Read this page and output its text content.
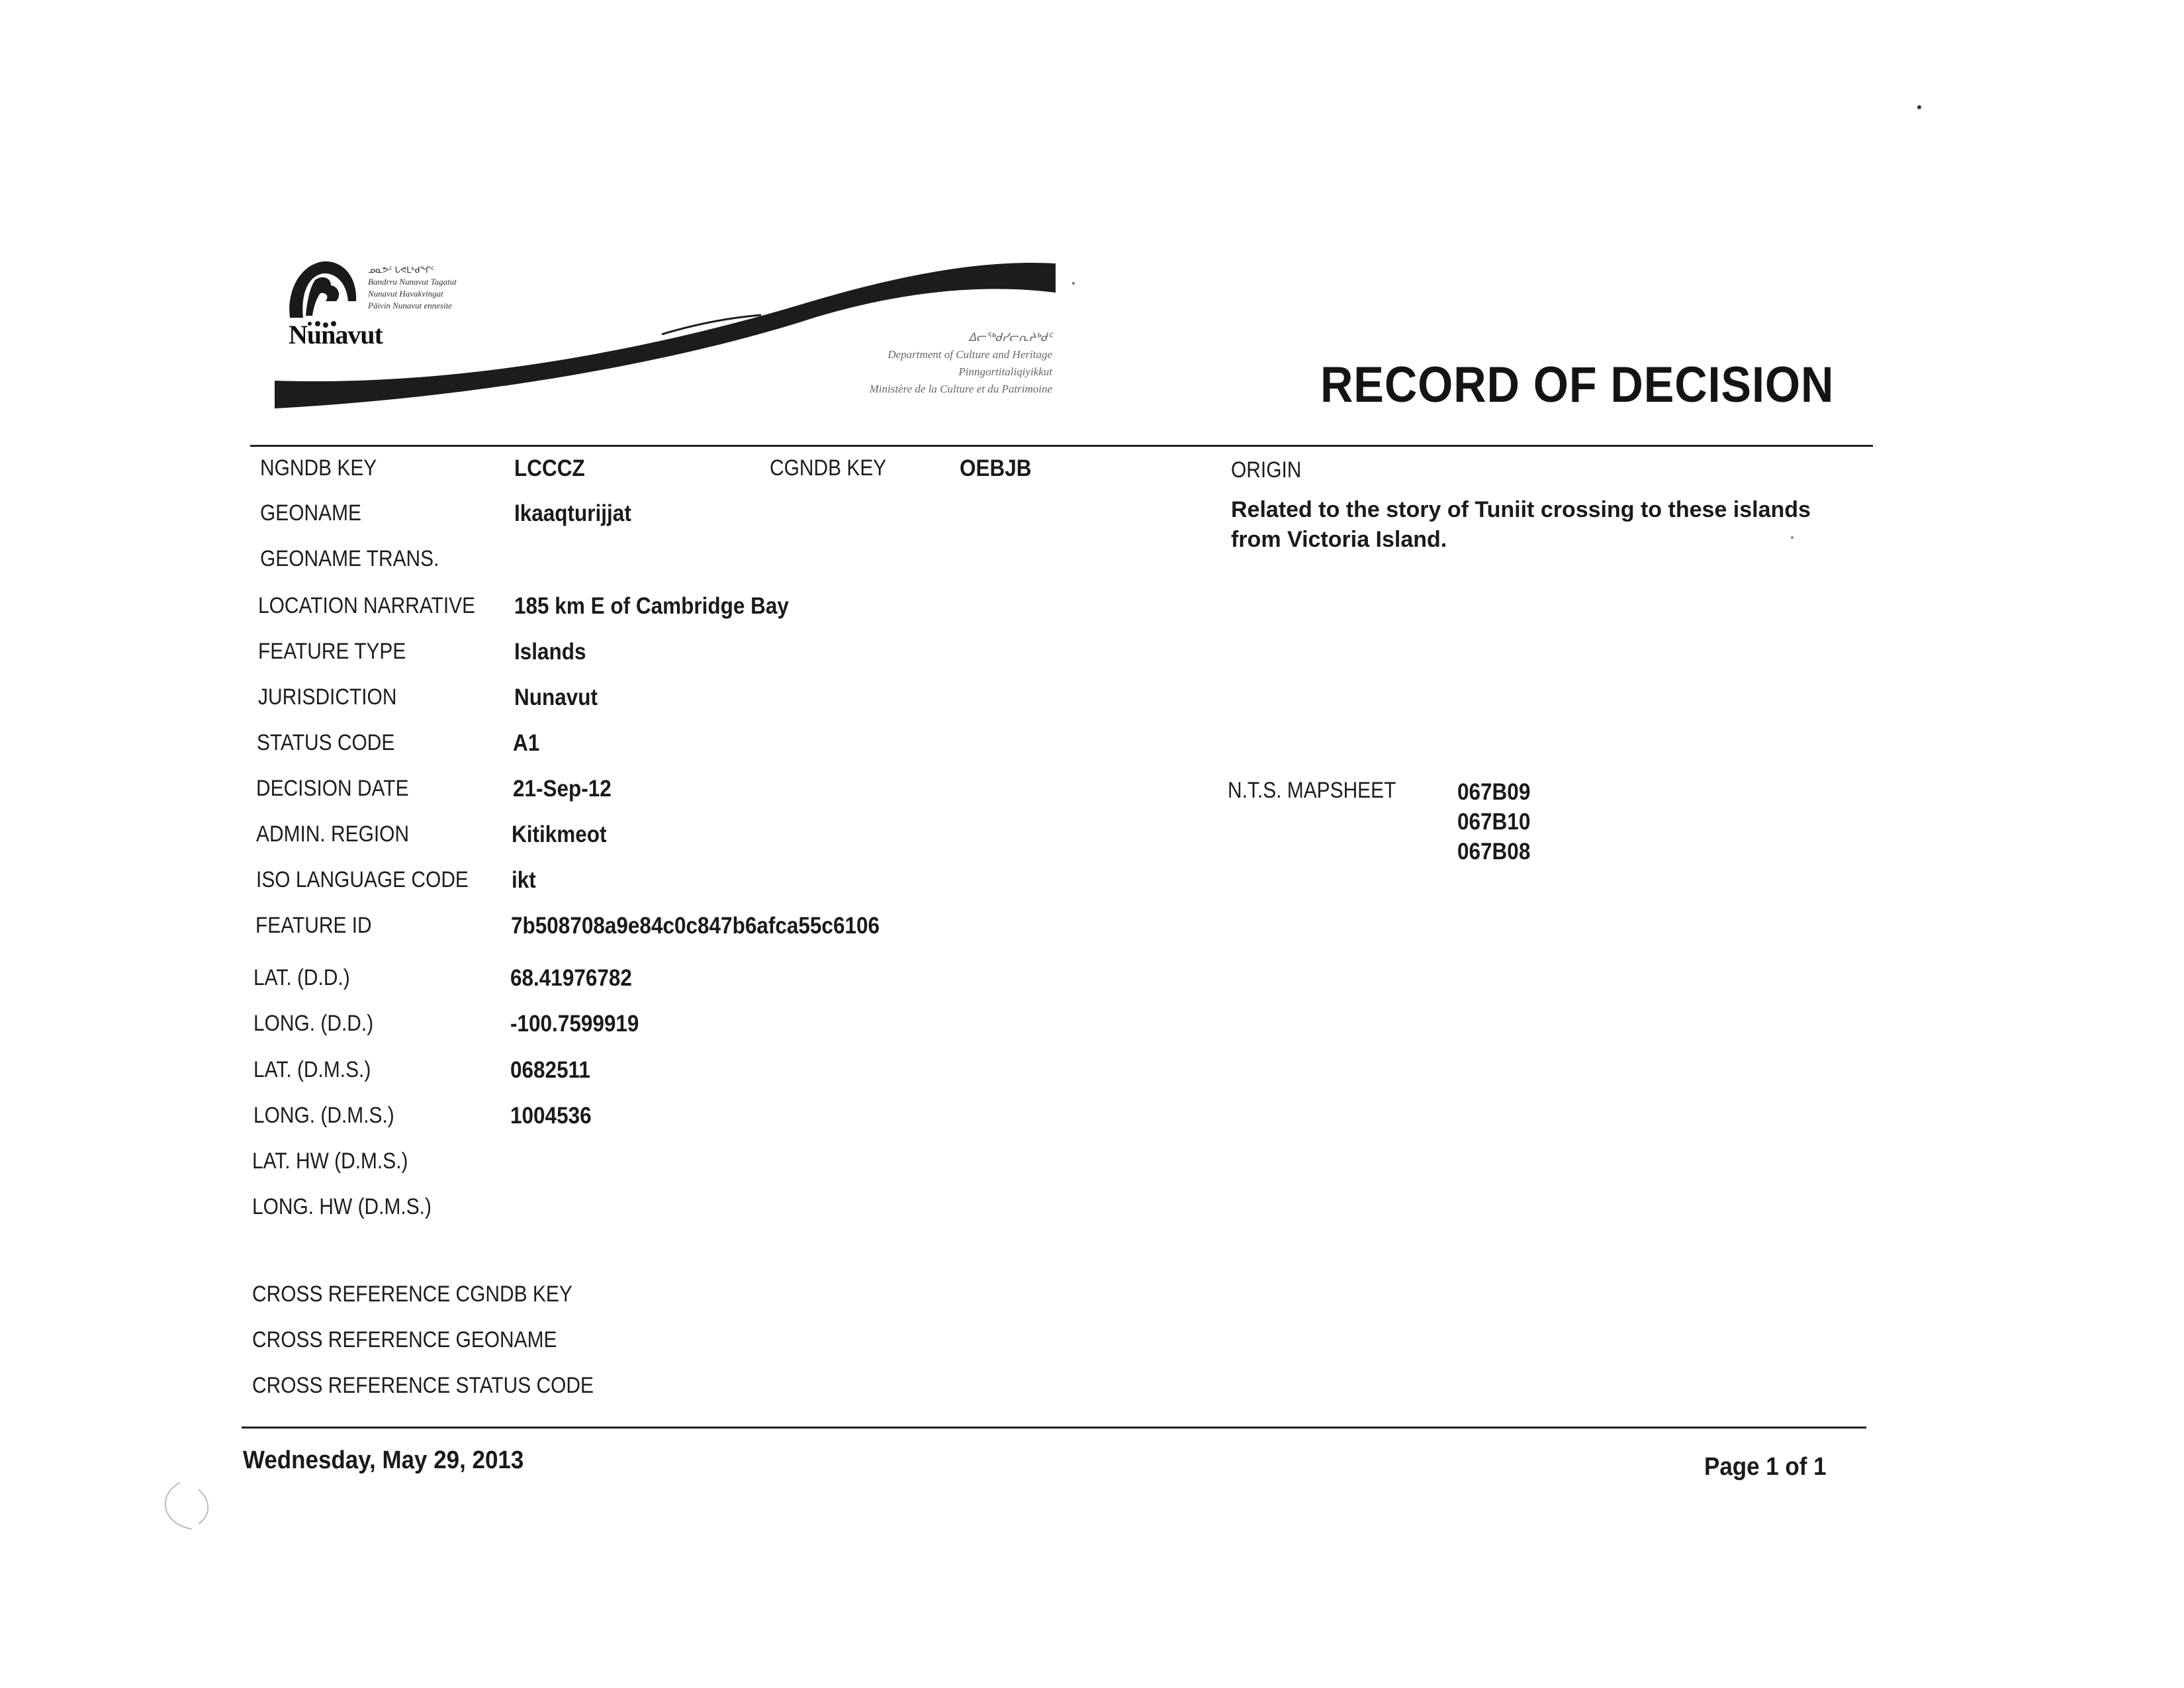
Nunavut
ᓄᓇᕗᑦ ᒐᕙᒪᒃᑯᖏᑦ
Bandrru Nunavut Tagatut
Nunavut Havakvingat
Pāivin Nunavut ennesite
ᐃᓕᖅᑯᓯᓕᕆᔨᒃᑯᑦ
Department of Culture and Heritage
Pinngortitaliqiyikkut
Ministère de la Culture et du Patrimoine	RECORD OF DECISION
NGNDB KEY	LCCCZ	CGNDB KEY	OEBJB
GEONAME	Ikaaqturijjat
GEONAME TRANS.
LOCATION NARRATIVE 185 km E of Cambridge Bay
FEATURE TYPE	Islands
JURISDICTION	Nunavut
STATUS CODE	A1
DECISION DATE	21-Sep-12
ADMIN. REGION	Kitikmeot
ISO LANGUAGE CODE ikt
FEATURE ID	7b508708a9e84c0c847b6afca55c6106
LAT. (D.D.)	68.41976782
LONG. (D.D.)	-100.7599919
LAT. (D.M.S.)	0682511
LONG. (D.M.S.)	1004536
LAT. HW (D.M.S.)
LONG. HW (D.M.S.)
CROSS REFERENCE CGNDB KEY
CROSS REFERENCE GEONAME
CROSS REFERENCE STATUS CODE
ORIGIN
Related to the story of Tuniit crossing to these islands from Victoria Island.
N.T.S. MAPSHEET	067B09
067B10
067B08
Wednesday, May 29, 2013	Page 1 of 1
